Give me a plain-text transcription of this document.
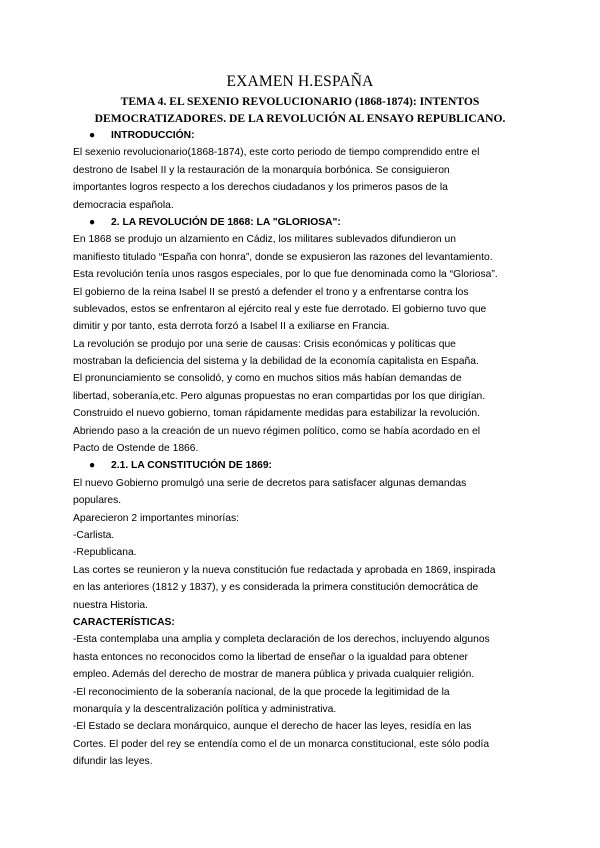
EXAMEN H.ESPAÑA
TEMA 4. EL SEXENIO REVOLUCIONARIO (1868-1874): INTENTOS
DEMOCRATIZADORES. DE LA REVOLUCIÓN AL ENSAYO REPUBLICANO.
● INTRODUCCIÓN:
El sexenio revolucionario(1868-1874), este corto periodo de tiempo comprendido entre el
destrono de Isabel II y la restauración de la monarquía borbónica. Se consiguieron
importantes logros respecto a los derechos ciudadanos y los primeros pasos de la
democracia española.
● 2. LA REVOLUCIÓN DE 1868: LA "GLORIOSA":
En 1868 se produjo un alzamiento en Cádiz, los militares sublevados difundieron un
manifiesto titulado “España con honra”, donde se expusieron las razones del levantamiento.
Esta revolución tenía unos rasgos especiales, por lo que fue denominada como la “Gloriosa”.
El gobierno de la reina Isabel II se prestó a defender el trono y a enfrentarse contra los
sublevados, estos se enfrentaron al ejército real y este fue derrotado. El gobierno tuvo que
dimitir y por tanto, esta derrota forzó a Isabel II a exiliarse en Francia.
La revolución se produjo por una serie de causas: Crisis económicas y políticas que
mostraban la deficiencia del sistema y la debilidad de la economía capitalista en España.
El pronunciamiento se consolidó, y como en muchos sitios más habían demandas de
libertad, soberanía,etc. Pero algunas propuestas no eran compartidas por los que dirigían.
Construido el nuevo gobierno, toman rápidamente medidas para estabilizar la revolución.
Abriendo paso a la creación de un nuevo régimen político, como se había acordado en el
Pacto de Ostende de 1866.
● 2.1. LA CONSTITUCIÓN DE 1869:
El nuevo Gobierno promulgó una serie de decretos para satisfacer algunas demandas
populares.
Aparecieron 2 importantes minorías:
-Carlista.
-Republicana.
Las cortes se reunieron y la nueva constitución fue redactada y aprobada en 1869, inspirada
en las anteriores (1812 y 1837), y es considerada la primera constitución democrática de
nuestra Historia.
CARACTERÍSTICAS:
-Esta contemplaba una amplia y completa declaración de los derechos, incluyendo algunos
hasta entonces no reconocidos como la libertad de enseñar o la igualdad para obtener
empleo. Además del derecho de mostrar de manera pública y privada cualquier religión.
-El reconocimiento de la soberanía nacional, de la que procede la legitimidad de la
monarquía y la descentralización política y administrativa.
-El Estado se declara monárquico, aunque el derecho de hacer las leyes, residía en las
Cortes. El poder del rey se entendía como el de un monarca constitucional, este sólo podía
difundir las leyes.
